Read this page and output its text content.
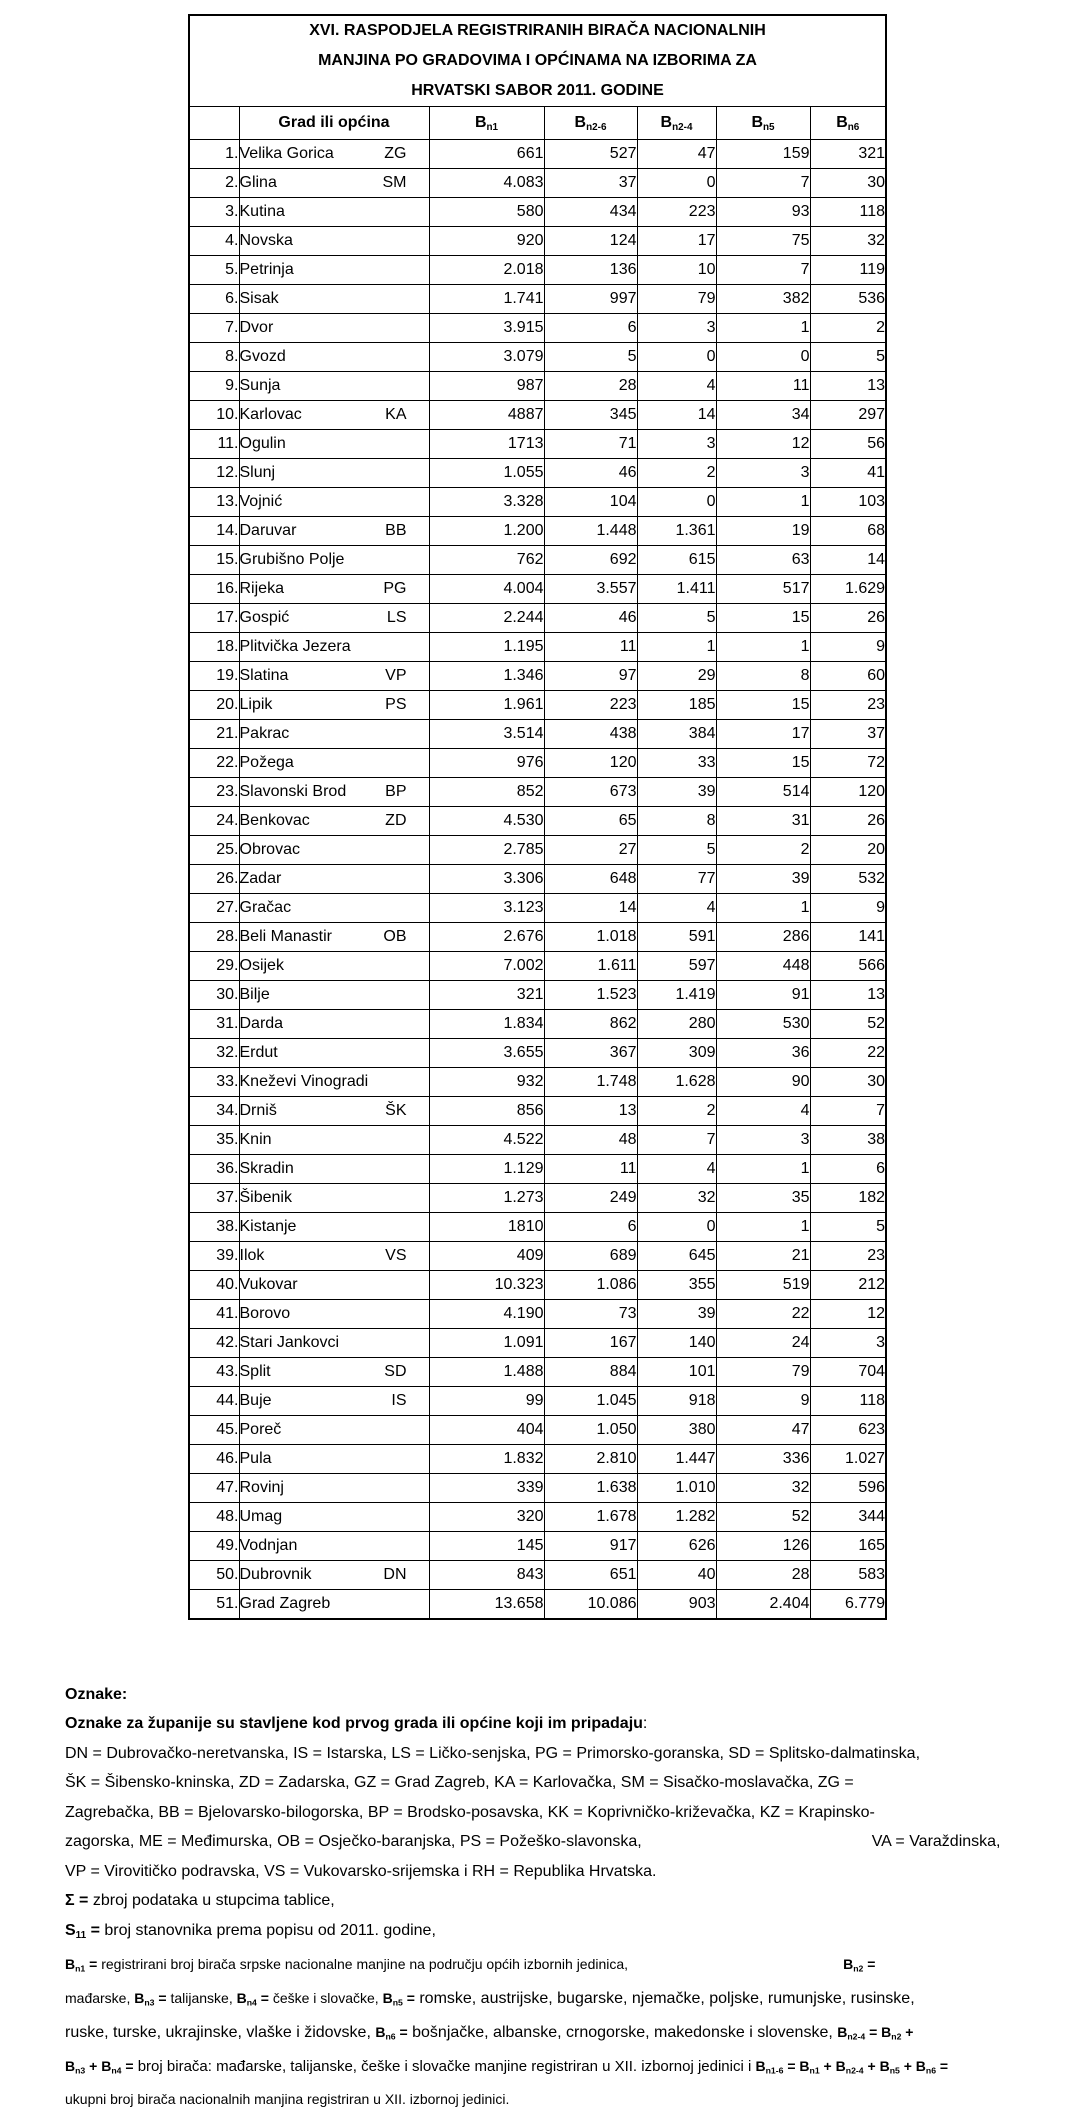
XVI. RASPODJELA REGISTRIRANIH BIRAČA NACIONALNIH
MANJINA PO GRADOVIMA I OPĆINAMA NA IZBORIMA ZA
HRVATSKI SABOR 2011. GODINE						

	Grad ili općina	$B_{n1}$	$B_{n2-6}$	$B_{n2-4}$	$B_{n5}$	$B_{n6}$
1.	Velika Gorica ZG	661	527	47	159	321
2.	Glina SM	4.083	37	0	7	30
3.	Kutina	580	434	223	93	118
4.	Novska	920	124	17	75	32
5.	Petrinja	2.018	136	10	7	119
6.	Sisak	1.741	997	79	382	536
7.	Dvor	3.915	6	3	1	2
8.	Gvozd	3.079	5	0	0	5
9.	Sunja	987	28	4	11	13
10.	Karlovac KA	4887	345	14	34	297
11.	Ogulin	1713	71	3	12	56
12.	Slunj	1.055	46	2	3	41
13.	Vojnić	3.328	104	0	1	103
14.	Daruvar BB	1.200	1.448	1.361	19	68
15.	Grubišno Polje	762	692	615	63	14
16.	Rijeka PG	4.004	3.557	1.411	517	1.629
17.	Gospić LS	2.244	46	5	15	26
18.	Plitvička Jezera	1.195	11	1	1	9
19.	Slatina VP	1.346	97	29	8	60
20.	Lipik PS	1.961	223	185	15	23
21.	Pakrac	3.514	438	384	17	37
22.	Požega	976	120	33	15	72
23.	Slavonski Brod BP	852	673	39	514	120
24.	Benkovac ZD	4.530	65	8	31	26
25.	Obrovac	2.785	27	5	2	20
26.	Zadar	3.306	648	77	39	532
27.	Gračac	3.123	14	4	1	9
28.	Beli Manastir OB	2.676	1.018	591	286	141
29.	Osijek	7.002	1.611	597	448	566
30.	Bilje	321	1.523	1.419	91	13
31.	Darda	1.834	862	280	530	52
32.	Erdut	3.655	367	309	36	22
33.	Kneževi Vinogradi	932	1.748	1.628	90	30
34.	Drniš ŠK	856	13	2	4	7
35.	Knin	4.522	48	7	3	38
36.	Skradin	1.129	11	4	1	6
37.	Šibenik	1.273	249	32	35	182
38.	Kistanje	1810	6	0	1	5
39.	Ilok VS	409	689	645	21	23
40.	Vukovar	10.323	1.086	355	519	212
41.	Borovo	4.190	73	39	22	12
42.	Stari Jankovci	1.091	167	140	24	3
43.	Split SD	1.488	884	101	79	704
44.	Buje IS	99	1.045	918	9	118
45.	Poreč	404	1.050	380	47	623
46.	Pula	1.832	2.810	1.447	336	1.027
47.	Rovinj	339	1.638	1.010	32	596
48.	Umag	320	1.678	1.282	52	344
49.	Vodnjan	145	917	626	126	165
50.	Dubrovnik DN	843	651	40	28	583
51.	Grad Zagreb	13.658	10.086	903	2.404	6.779
Oznake:
Oznake za županije su stavljene kod prvog grada ili općine koji im pripadaju:
DN = Dubrovačko-neretvanska, IS = Istarska, LS = Ličko-senjska, PG = Primorsko-goranska, SD = Splitsko-dalmatinska,
ŠK = Šibensko-kninska, ZD = Zadarska, GZ = Grad Zagreb, KA = Karlovačka, SM = Sisačko-moslavačka, ZG =
Zagrebačka, BB = Bjelovarsko-bilogorska, BP = Brodsko-posavska, KK = Koprivničko-križevačka, KZ = Krapinsko-
zagorska, ME = Međimurska, OB = Osječko-baranjska, PS = Požeško-slavonska,	VA = Varaždinska,
VP = Virovitičko podravska, VS = Vukovarsko-srijemska i RH = Republika Hrvatska.
Σ = zbroj podataka u stupcima tablice,
$S_{11}$ = broj stanovnika prema popisu od 2011. godine,
$B_{n1}$ = registrirani broj birača srpske nacionalne manjine na području općih izbornih jedinica,	$B_{n2}$ =
mađarske, $B_{n3}$ = talijanske, $B_{n4}$ = češke i slovačke, $B_{n5}$ = romske, austrijske, bugarske, njemačke, poljske, rumunjske, rusinske,
ruske, turske, ukrajinske, vlaške i židovske, $B_{n6}$ = bošnjačke, albanske, crnogorske, makedonske i slovenske, $B_{n2-4} = B_{n2}$ +
$B_{n3} + B_{n4}$ = broj birača: mađarske, talijanske, češke i slovačke manjine registriran u XII. izbornoj jedinici i $B_{n1-6} = B_{n1} + B_{n2-4} + B_{n5} + B_{n6}$ =
ukupni broj birača nacionalnih manjina registriran u XII. izbornoj jedinici.
